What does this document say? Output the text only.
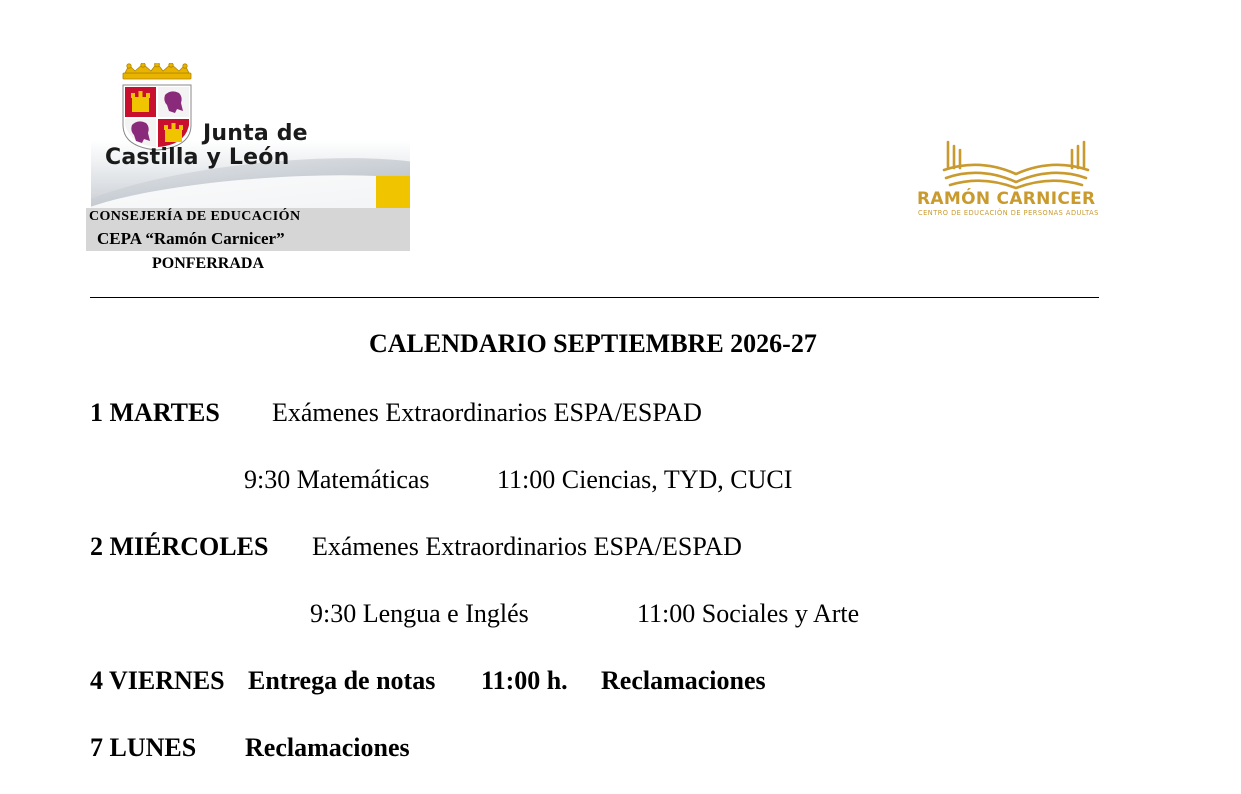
Junta de
Castilla y León
CONSEJERÍA DE EDUCACIÓN
CEPA “Ramón Carnicer”
PONFERRADA
RAMÓN CARNICER
CENTRO DE EDUCACIÓN DE PERSONAS ADULTAS
CALENDARIO SEPTIEMBRE 2026-27
1 MARTES Exámenes Extraordinarios ESPA/ESPAD
9:30 Matemáticas	11:00 Ciencias, TYD, CUCI
2 MIÉRCOLES Exámenes Extraordinarios ESPA/ESPAD
9:30 Lengua e Inglés	11:00 Sociales y Arte
4 VIERNES Entrega de notas 11:00 h. Reclamaciones
7 LUNES Reclamaciones
